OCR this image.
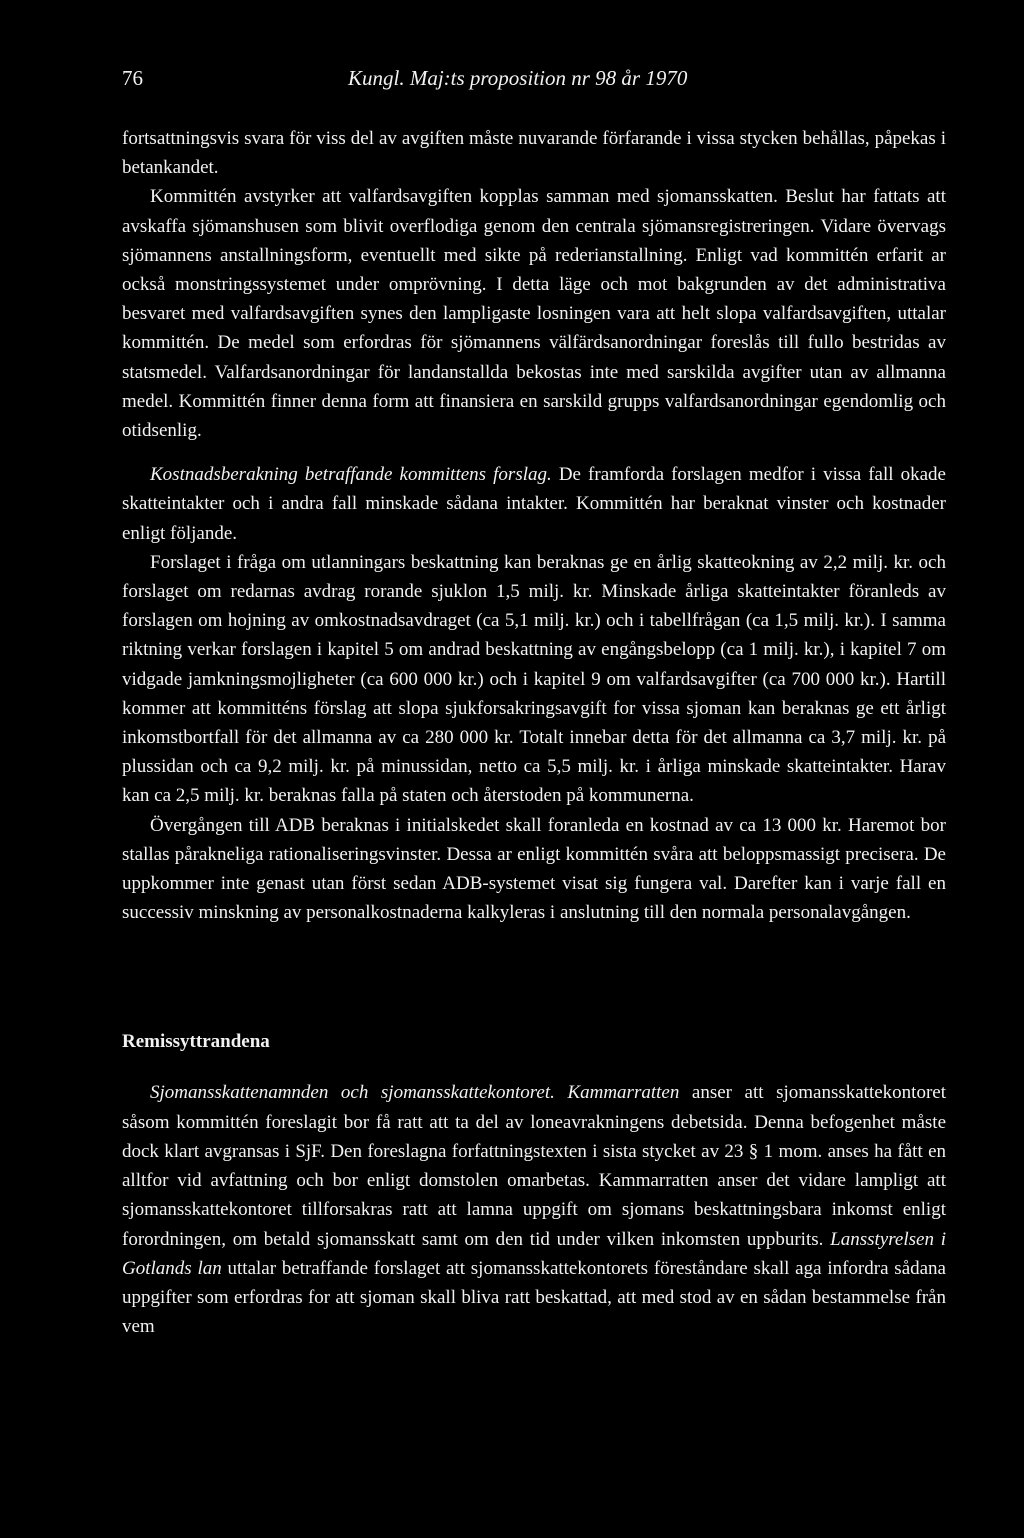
76	Kungl. Maj:ts proposition nr 98 år 1970

fortsattningsvis svara för viss del av avgiften måste nuvarande förfarande i vissa stycken behållas, påpekas i betankandet.

Kommittén avstyrker att valfardsavgiften kopplas samman med sjomansskatten. Beslut har fattats att avskaffa sjömanshusen som blivit overflodiga genom den centrala sjömansregistreringen. Vidare övervags sjömannens anstallningsform, eventuellt med sikte på rederianstallning. Enligt vad kommittén erfarit ar också monstringssystemet under omprövning. I detta läge och mot bakgrunden av det administrativa besvaret med valfardsavgiften synes den lampligaste losningen vara att helt slopa valfardsavgiften, uttalar kommittén. De medel som erfordras för sjömannens välfärdsanordningar foreslås till fullo bestridas av statsmedel. Valfardsanordningar för landanstallda bekostas inte med sarskilda avgifter utan av allmanna medel. Kommittén finner denna form att finansiera en sarskild grupps valfardsanordningar egendomlig och otidsenlig.

Kostnadsberakning betraffande kommittens forslag. De framforda forslagen medfor i vissa fall okade skatteintakter och i andra fall minskade sådana intakter. Kommittén har beraknat vinster och kostnader enligt följande.

Forslaget i fråga om utlanningars beskattning kan beraknas ge en årlig skatteokning av 2,2 milj. kr. och forslaget om redarnas avdrag rorande sjuklon 1,5 milj. kr. Minskade årliga skatteintakter föranleds av forslagen om hojning av omkostnadsavdraget (ca 5,1 milj. kr.) och i tabellfrågan (ca 1,5 milj. kr.). I samma riktning verkar forslagen i kapitel 5 om andrad beskattning av engångsbelopp (ca 1 milj. kr.), i kapitel 7 om vidgade jamkningsmojligheter (ca 600 000 kr.) och i kapitel 9 om valfardsavgifter (ca 700 000 kr.). Hartill kommer att kommitténs förslag att slopa sjukforsakringsavgift for vissa sjoman kan beraknas ge ett årligt inkomstbortfall för det allmanna av ca 280 000 kr. Totalt innebar detta för det allmanna ca 3,7 milj. kr. på plussidan och ca 9,2 milj. kr. på minussidan, netto ca 5,5 milj. kr. i årliga minskade skatteintakter. Harav kan ca 2,5 milj. kr. beraknas falla på staten och återstoden på kommunerna.

Övergången till ADB beraknas i initialskedet skall foranleda en kostnad av ca 13 000 kr. Haremot bor stallas pårakneliga rationaliseringsvinster. Dessa ar enligt kommittén svåra att beloppsmassigt precisera. De uppkommer inte genast utan först sedan ADB-systemet visat sig fungera val. Darefter kan i varje fall en successiv minskning av personalkostnaderna kalkyleras i anslutning till den normala personalavgången.

Remissyttrandena

Sjomansskattenamnden och sjomansskattekontoret. Kammarratten anser att sjomansskattekontoret såsom kommittén foreslagit bor få ratt att ta del av loneavrakningens debetsida. Denna befogenhet måste dock klart avgransas i SjF. Den foreslagna forfattningstexten i sista stycket av 23 § 1 mom. anses ha fått en alltfor vid avfattning och bor enligt domstolen omarbetas. Kammarratten anser det vidare lampligt att sjomansskattekontoret tillforsakras ratt att lamna uppgift om sjomans beskattningsbara inkomst enligt forordningen, om betald sjomansskatt samt om den tid under vilken inkomsten uppburits. Lansstyrelsen i Gotlands lan uttalar betraffande forslaget att sjomansskattekontorets föreståndare skall aga infordra sådana uppgifter som erfordras for att sjoman skall bliva ratt beskattad, att med stod av en sådan bestammelse från vem
